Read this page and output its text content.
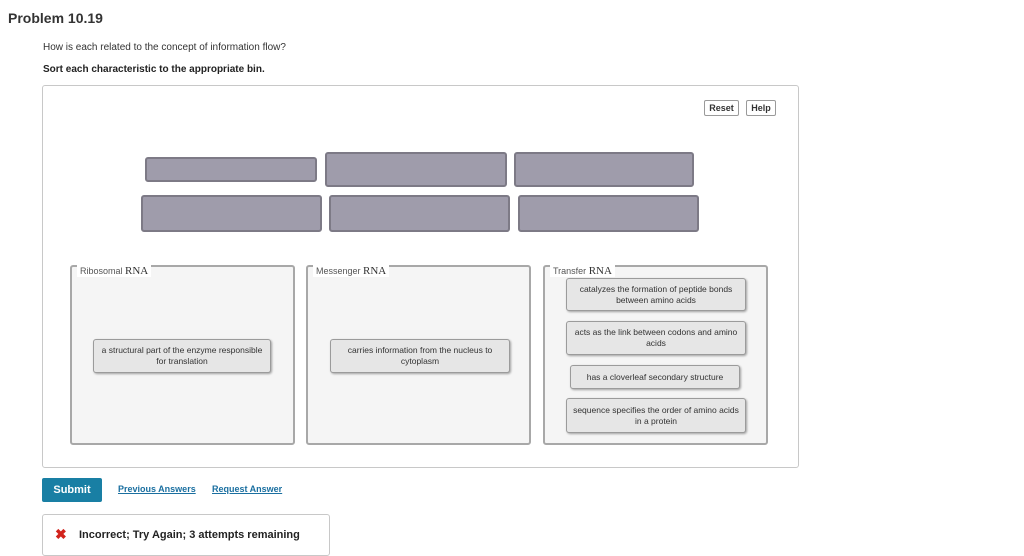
Problem 10.19
How is each related to the concept of information flow?
Sort each characteristic to the appropriate bin.
Reset	Help
Ribosomal RNA	Messenger RNA	Transfer RNA
a structural part of the enzyme responsible for translation
carries information from the nucleus to cytoplasm
catalyzes the formation of peptide bonds between amino acids
acts as the link between codons and amino acids
has a cloverleaf secondary structure
sequence specifies the order of amino acids in a protein
Submit	Previous Answers Request Answer
✖ Incorrect; Try Again; 3 attempts remaining
